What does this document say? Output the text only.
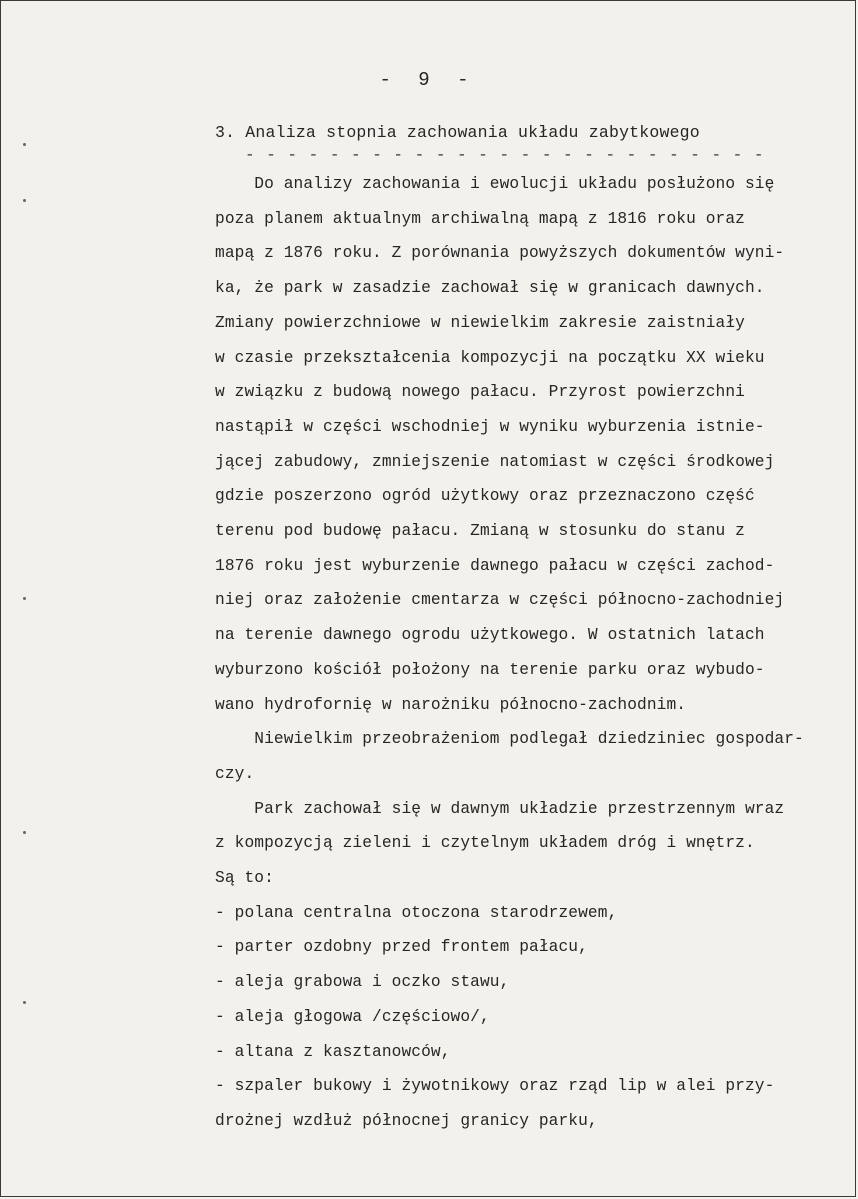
- 9 -
3. Analiza stopnia zachowania układu zabytkowego
- - - - - - - - - - - - - - - - - - - - - - - - -
Do analizy zachowania i ewolucji układu posłużono się
poza planem aktualnym archiwalną mapą z 1816 roku oraz
mapą z 1876 roku. Z porównania powyższych dokumentów wyni-
ka, że park w zasadzie zachował się w granicach dawnych.
Zmiany powierzchniowe w niewielkim zakresie zaistniały
w czasie przekształcenia kompozycji na początku XX wieku
w związku z budową nowego pałacu. Przyrost powierzchni
nastąpił w części wschodniej w wyniku wyburzenia istnie-
jącej zabudowy, zmniejszenie natomiast w części środkowej
gdzie poszerzono ogród użytkowy oraz przeznaczono część
terenu pod budowę pałacu. Zmianą w stosunku do stanu z
1876 roku jest wyburzenie dawnego pałacu w części zachod-
niej oraz założenie cmentarza w części północno-zachodniej
na terenie dawnego ogrodu użytkowego. W ostatnich latach
wyburzono kościół położony na terenie parku oraz wybudo-
wano hydrofornię w narożniku północno-zachodnim.
Niewielkim przeobrażeniom podlegał dziedziniec gospodar-
czy.
Park zachował się w dawnym układzie przestrzennym wraz
z kompozycją zieleni i czytelnym układem dróg i wnętrz.
Są to:
- polana centralna otoczona starodrzewem,
- parter ozdobny przed frontem pałacu,
- aleja grabowa i oczko stawu,
- aleja głogowa /częściowo/,
- altana z kasztanowców,
- szpaler bukowy i żywotnikowy oraz rząd lip w alei przy-
drożnej wzdłuż północnej granicy parku,
